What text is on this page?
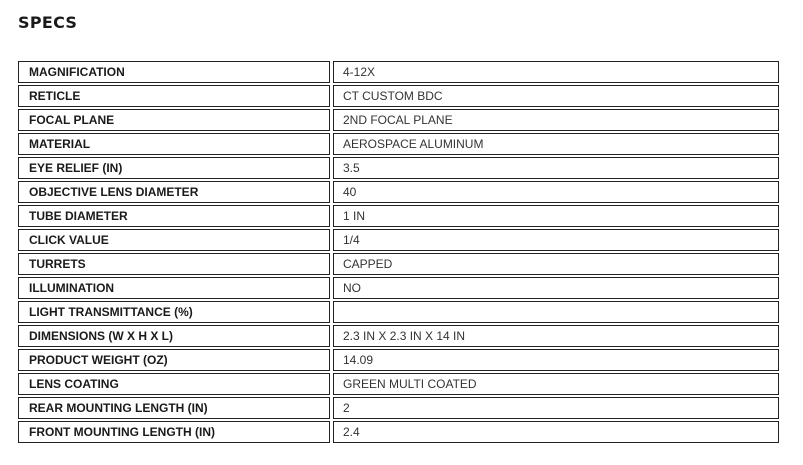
SPECS
MAGNIFICATION	4-12X
RETICLE	CT CUSTOM BDC
FOCAL PLANE	2ND FOCAL PLANE
MATERIAL	AEROSPACE ALUMINUM
EYE RELIEF (IN)	3.5
OBJECTIVE LENS DIAMETER	40
TUBE DIAMETER	1 IN
CLICK VALUE	1/4
TURRETS	CAPPED
ILLUMINATION	NO
LIGHT TRANSMITTANCE (%)
DIMENSIONS (W X H X L)	2.3 IN X 2.3 IN X 14 IN
PRODUCT WEIGHT (OZ)	14.09
LENS COATING	GREEN MULTI COATED
REAR MOUNTING LENGTH (IN)	2
FRONT MOUNTING LENGTH (IN)	2.4
